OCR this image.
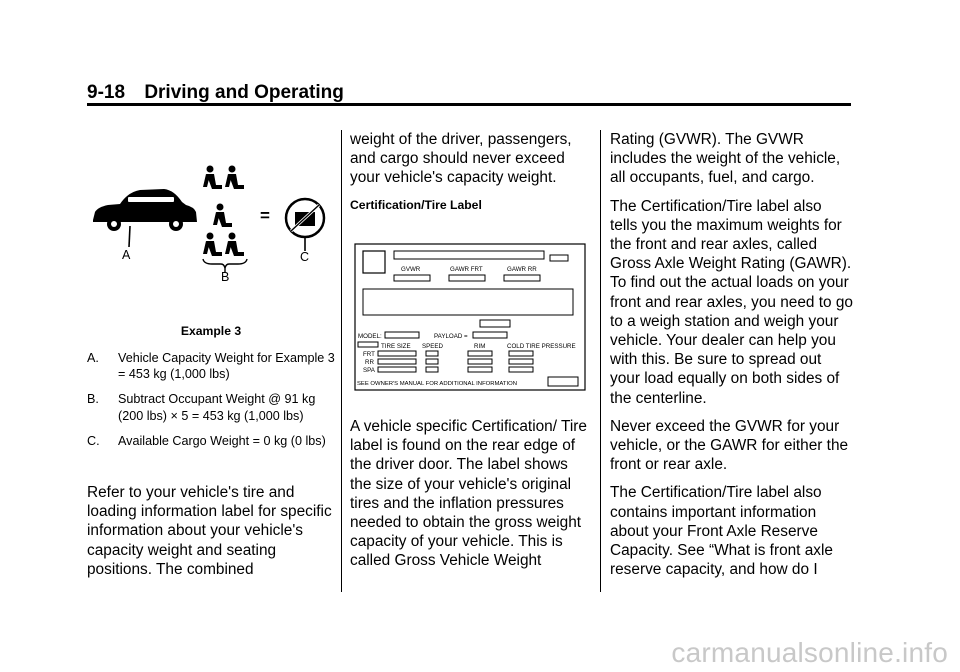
9-18 Driving and Operating
A
B
C
–	=
Example 3
A. Vehicle Capacity Weight for Example 3 = 453 kg (1,000 lbs)
B. Subtract Occupant Weight @ 91 kg (200 lbs) × 5 = 453 kg (1,000 lbs)
C. Available Cargo Weight = 0 kg (0 lbs)

Refer to your vehicle's tire and loading information label for specific information about your vehicle's capacity weight and seating positions. The combined

weight of the driver, passengers, and cargo should never exceed your vehicle's capacity weight.

Certification/Tire Label
GVWR	GAWR FRT	GAWR RR
MODEL:	PAYLOAD =
TIRE SIZE SPEED	RIM	COLD TIRE PRESSURE
FRT
RR
SPA
SEE OWNER'S MANUAL FOR ADDITIONAL INFORMATION

A vehicle specific Certification/ Tire label is found on the rear edge of the driver door. The label shows the size of your vehicle's original tires and the inflation pressures needed to obtain the gross weight capacity of your vehicle. This is called Gross Vehicle Weight

Rating (GVWR). The GVWR includes the weight of the vehicle, all occupants, fuel, and cargo.

The Certification/Tire label also tells you the maximum weights for the front and rear axles, called Gross Axle Weight Rating (GAWR). To find out the actual loads on your front and rear axles, you need to go to a weigh station and weigh your vehicle. Your dealer can help you with this. Be sure to spread out your load equally on both sides of the centerline.

Never exceed the GVWR for your vehicle, or the GAWR for either the front or rear axle.

The Certification/Tire label also contains important information about your Front Axle Reserve Capacity. See “What is front axle reserve capacity, and how do I

carmanualsonline.info
